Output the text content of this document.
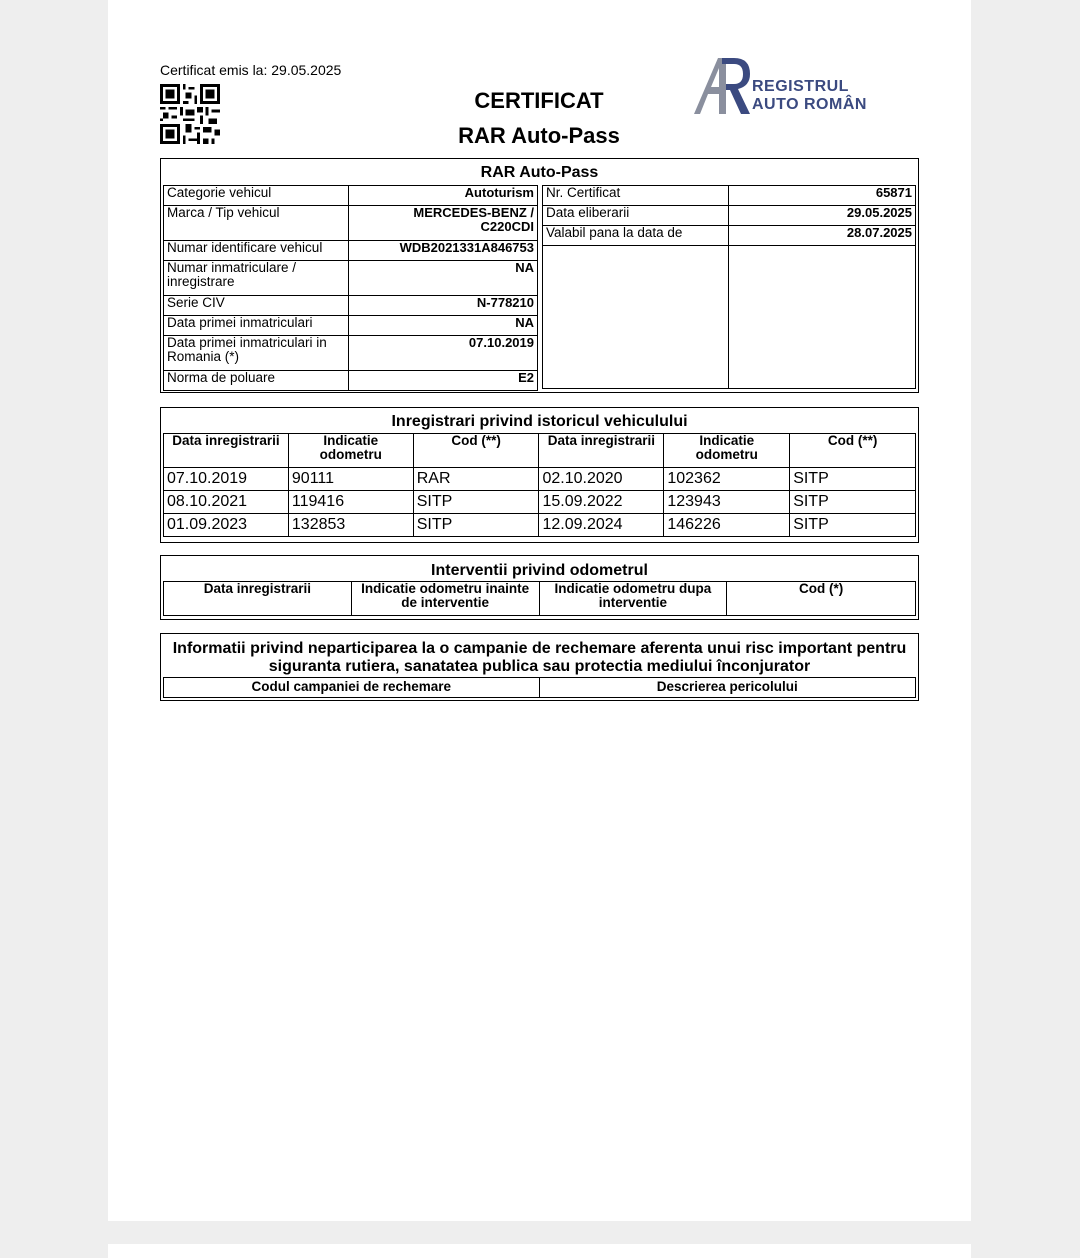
Certificat emis la: 29.05.2025
CERTIFICAT
RAR Auto-Pass
REGISTRUL
AUTO ROMÂN
RAR Auto-Pass
Categorie vehicul	Autoturism
Marca / Tip vehicul	MERCEDES-BENZ / C220CDI
Numar identificare vehicul	WDB2021331A846753
Numar inmatriculare / inregistrare	NA
Serie CIV	N-778210
Data primei inmatriculari	NA
Data primei inmatriculari in Romania (*)	07.10.2019
Norma de poluare	E2
Nr. Certificat	65871
Data eliberarii	29.05.2025
Valabil pana la data de	28.07.2025

Inregistrari privind istoricul vehiculului
Data inregistrarii	Indicatie odometru	Cod (**)	Data inregistrarii	Indicatie odometru	Cod (**)
07.10.2019	90111	RAR	02.10.2020	102362	SITP
08.10.2021	119416	SITP	15.09.2022	123943	SITP
01.09.2023	132853	SITP	12.09.2024	146226	SITP
Interventii privind odometrul
Data inregistrarii	Indicatie odometru inainte de interventie	Indicatie odometru dupa interventie	Cod (*)
Informatii privind neparticiparea la o campanie de rechemare aferenta unui risc important pentru siguranta rutiera, sanatatea publica sau protectia mediului înconjurator
Codul campaniei de rechemare	Descrierea pericolului
